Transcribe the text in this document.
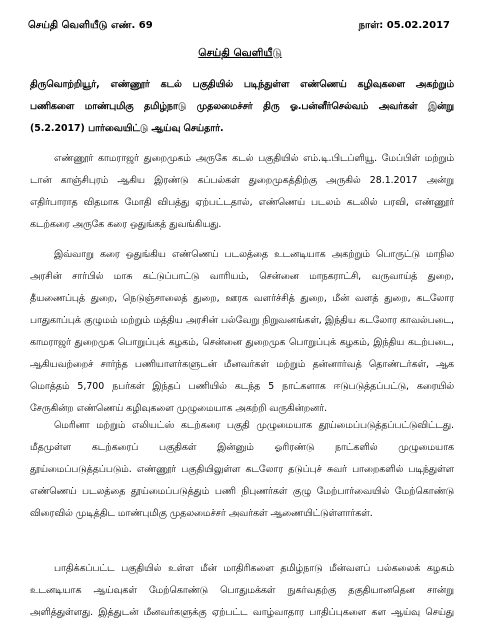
செய்தி வெளியீடு எண். 69	நாள்: 05.02.2017
செய்தி வெளியீடு
திருவொற்றியூர், எண்ணூர் கடல் பகுதியில் படிந்துள்ள எண்ணெய் கழிவுகளை அகற்றும்
பணிகளை மாண்புமிகு தமிழ்நாடு முதலமைச்சர் திரு ஓ.பன்னீர்செல்வம் அவர்கள் இன்று
(5.2.2017) பார்வையிட்டு ஆய்வு செய்தார்.
எண்ணூர் காமராஜர் துறைமுகம் அருகே கடல் பகுதியில் எம்.டி.பிடப்ளியூ. மேப்பிள் மற்றும்
டான் காஞ்சிபுரம் ஆகிய இரண்டு கப்பல்கள் துறைமுகத்திற்கு அருகில் 28.1.2017 அன்று
எதிர்பாராத விதமாக மோதி விபத்து ஏற்பட்டதால், எண்ணெய் படலம் கடலில் பரவி, எண்ணூர்
கடற்கரை அருகே கரை ஒதுங்கத் துவங்கியது.
இவ்வாறு கரை ஒதுங்கிய எண்ணெய் படலத்தை உடனடியாக அகற்றும் பொருட்டு மாநில
அரசின் சார்பில் மாசு கட்டுப்பாட்டு வாரியம், சென்னை மாநகராட்சி, வருவாய்த் துறை,
தீயணைப்புத் துறை, நெடுஞ்சாலைத் துறை, ஊரக வளர்ச்சித் துறை, மீன் வளத் துறை, கடலோர
பாதுகாப்புக் குழுமம் மற்றும் மத்திய அரசின் பல்வேறு நிறுவனங்கள், இந்திய கடலோர காவல்படை,
காமராஜர் துறைமுக பொறுப்புக் கழகம், சென்னை துறைமுக பொறுப்புக் கழகம், இந்திய கடற்படை,
ஆகியவற்றைச் சார்ந்த பணியாளர்களுடன் மீனவர்கள் மற்றும் தன்னார்வத் தொண்டர்கள், ஆக
மொத்தம் 5,700 நபர்கள் இந்தப் பணியில் கடந்த 5 நாட்களாக ஈடுபடுத்தப்பட்டு, கரையில்
சேருகின்ற எண்ணெய் கழிவுகளை முழுமையாக அகற்றி வருகின்றனர்.
மெரினா மற்றும் எலியட்ஸ் கடற்கரை பகுதி முழுமையாக தூய்மைப்படுத்தப்பட்டுவிட்டது.
மீதமுள்ள கடற்கரைப் பகுதிகள் இன்னும் ஓரிரண்டு நாட்களில் முழுமையாக
தூய்மைப்படுத்தப்படும். எண்ணூர் பகுதியிலுள்ள கடலோர தடுப்புச் சுவர் பாறைகளில் படிந்துள்ள
எண்ணெய் படலத்தை தூய்மைப்படுத்தும் பணி நிபுணர்கள் குழு மேற்பார்வையில் மேற்கொண்டு
விரைவில் முடித்திட மாண்புமிகு முதலமைச்சர் அவர்கள் ஆணையிட்டுள்ளார்கள்.
பாதிக்கப்பட்ட பகுதியில் உள்ள மீன் மாதிரிகளை தமிழ்நாடு மீன்வளப் பல்கலைக் கழகம்
உடனடியாக ஆய்வுகள் மேற்கொண்டு பொதுமக்கள் நுகர்வதற்கு தகுதியானதென சான்று
அளித்துள்ளது. இத்துடன் மீனவர்களுக்கு ஏற்பட்ட வாழ்வாதார பாதிப்புகளை கள ஆய்வு செய்து
